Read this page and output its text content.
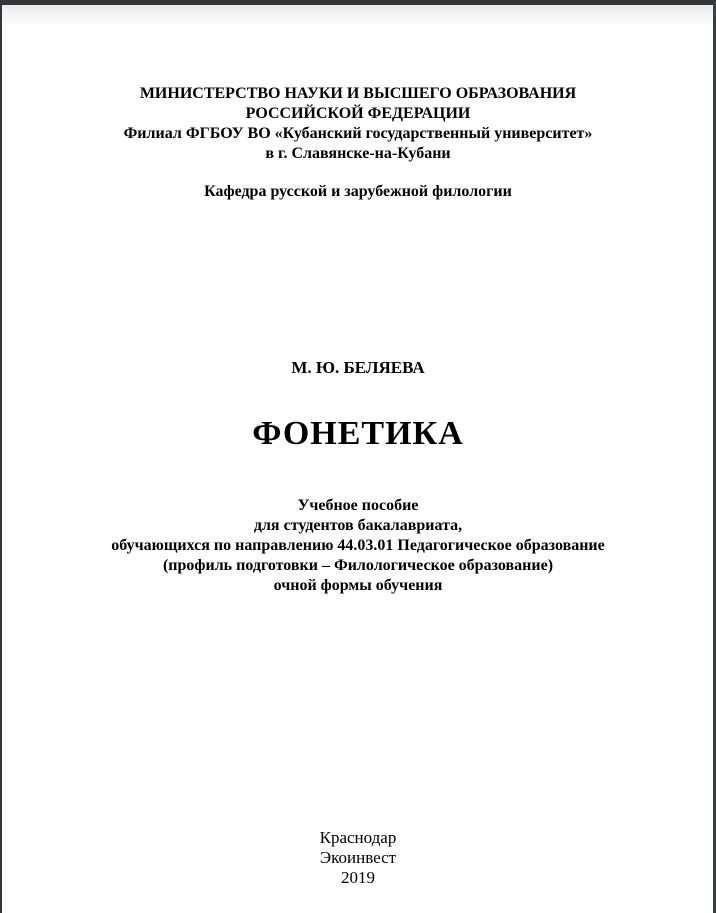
МИНИСТЕРСТВО НАУКИ И ВЫСШЕГО ОБРАЗОВАНИЯ
РОССИЙСКОЙ ФЕДЕРАЦИИ
Филиал ФГБОУ ВО «Кубанский государственный университет»
в г. Славянске-на-Кубани
Кафедра русской и зарубежной филологии
М. Ю. БЕЛЯЕВА
ФОНЕТИКА
Учебное пособие
для студентов бакалавриата,
обучающихся по направлению 44.03.01 Педагогическое образование
(профиль подготовки – Филологическое образование)
очной формы обучения
Краснодар
Экоинвест
2019
